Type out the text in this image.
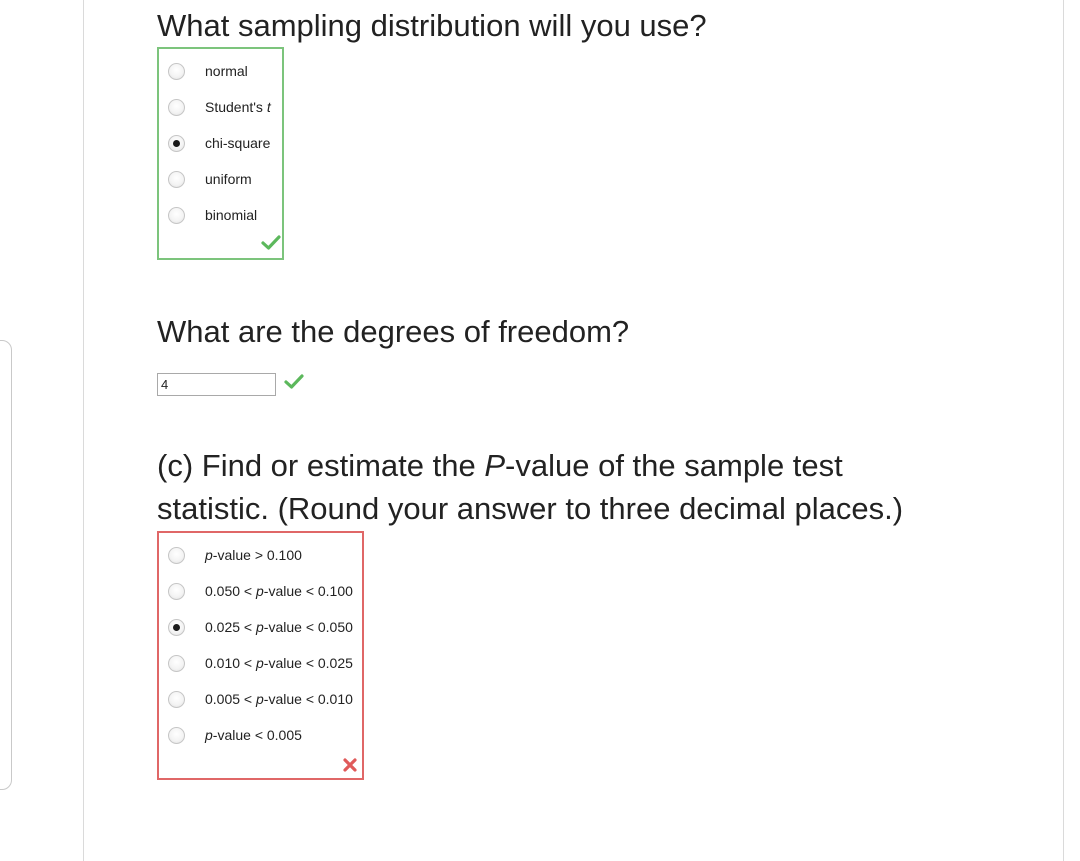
What sampling distribution will you use?
normal
Student's t
chi-square
uniform
binomial
What are the degrees of freedom?
4
(c) Find or estimate the P-value of the sample test
statistic. (Round your answer to three decimal places.)
p-value > 0.100
0.050 < p-value < 0.100
0.025 < p-value < 0.050
0.010 < p-value < 0.025
0.005 < p-value < 0.010
p-value < 0.005
